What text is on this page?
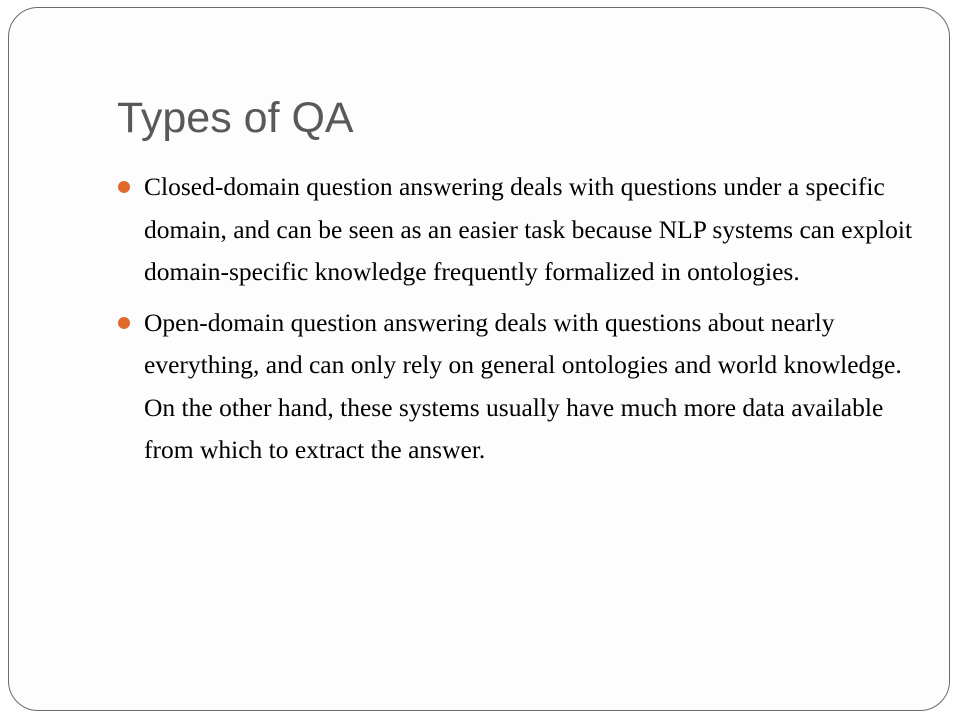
Types of QA
Closed-domain question answering deals with questions under a specific domain, and can be seen as an easier task because NLP systems can exploit domain-specific knowledge frequently formalized in ontologies.
Open-domain question answering deals with questions about nearly everything, and can only rely on general ontologies and world knowledge. On the other hand, these systems usually have much more data available from which to extract the answer.
